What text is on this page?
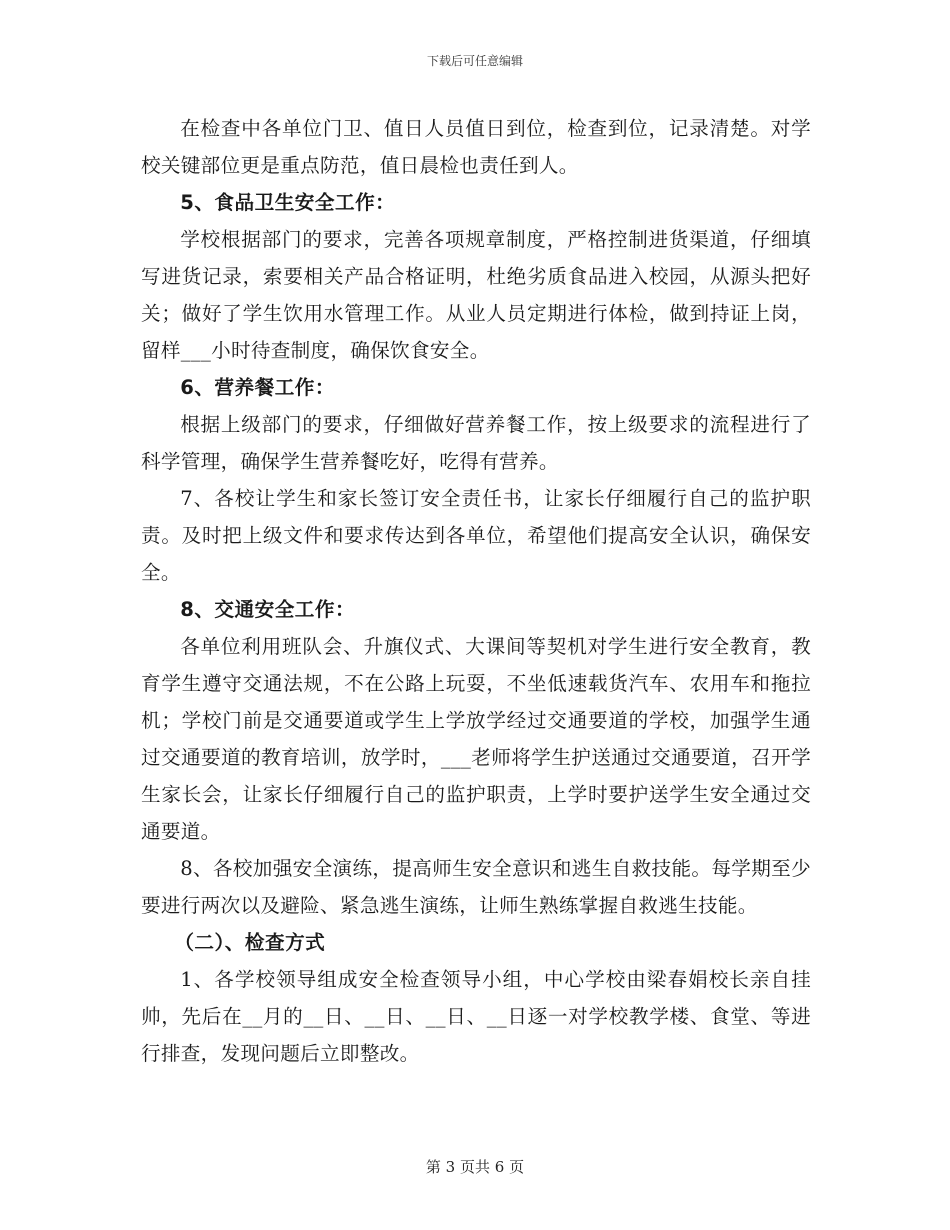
下载后可任意编辑

在检查中各单位门卫、值日人员值日到位，检查到位，记录清楚。对学校关键部位更是重点防范，值日晨检也责任到人。

5、食品卫生安全工作：

学校根据部门的要求，完善各项规章制度，严格控制进货渠道，仔细填写进货记录，索要相关产品合格证明，杜绝劣质食品进入校园，从源头把好关；做好了学生饮用水管理工作。从业人员定期进行体检，做到持证上岗，留样___小时待查制度，确保饮食安全。

6、营养餐工作：

根据上级部门的要求，仔细做好营养餐工作，按上级要求的流程进行了科学管理，确保学生营养餐吃好，吃得有营养。

7、各校让学生和家长签订安全责任书，让家长仔细履行自己的监护职责。及时把上级文件和要求传达到各单位，希望他们提高安全认识，确保安全。

8、交通安全工作：

各单位利用班队会、升旗仪式、大课间等契机对学生进行安全教育，教育学生遵守交通法规，不在公路上玩耍，不坐低速载货汽车、农用车和拖拉机；学校门前是交通要道或学生上学放学经过交通要道的学校，加强学生通过交通要道的教育培训，放学时，___老师将学生护送通过交通要道，召开学生家长会，让家长仔细履行自己的监护职责，上学时要护送学生安全通过交通要道。

8、各校加强安全演练，提高师生安全意识和逃生自救技能。每学期至少要进行两次以及避险、紧急逃生演练，让师生熟练掌握自救逃生技能。

（二）、检查方式

1、各学校领导组成安全检查领导小组，中心学校由梁春娟校长亲自挂帅，先后在__月的__日、__日、__日、__日逐一对学校教学楼、食堂、等进行排查，发现问题后立即整改。

第 3 页共 6 页
